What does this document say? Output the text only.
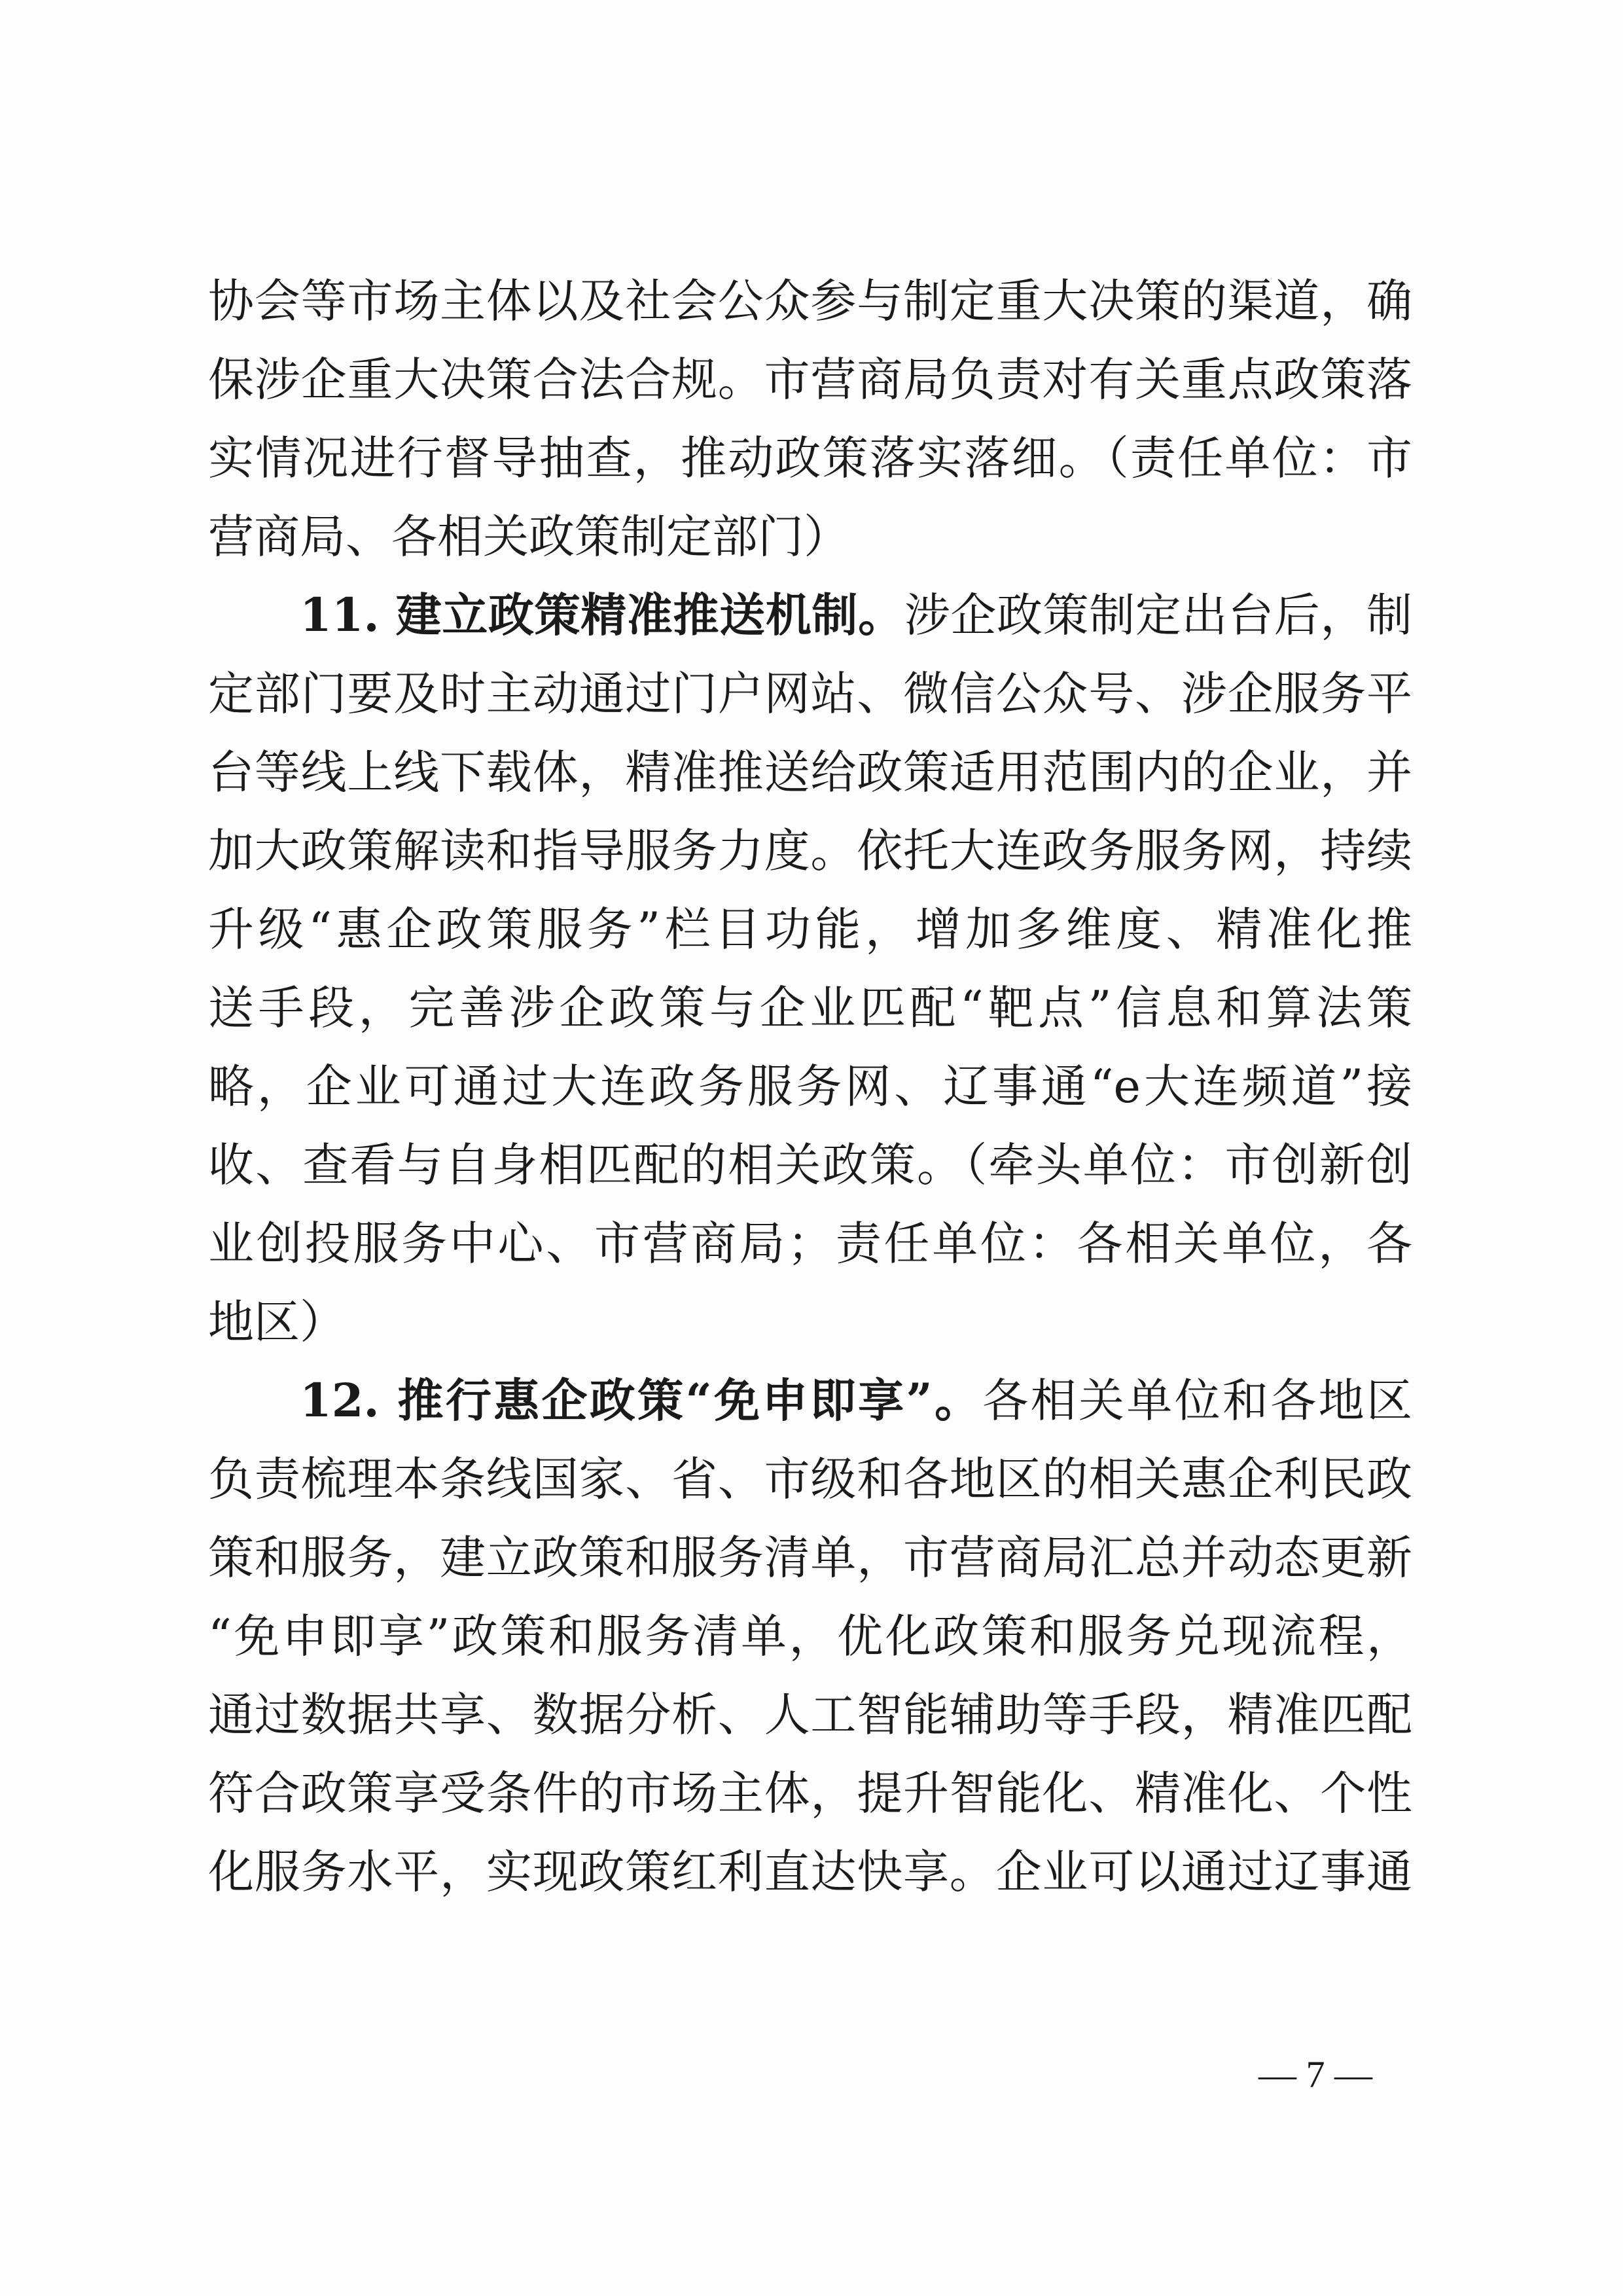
协会等市场主体以及社会公众参与制定重大决策的渠道，确
保涉企重大决策合法合规。市营商局负责对有关重点政策落
实情况进行督导抽查，推动政策落实落细。（责任单位：市
营商局、各相关政策制定部门）
11. 建立政策精准推送机制。涉企政策制定出台后，制
定部门要及时主动通过门户网站、微信公众号、涉企服务平
台等线上线下载体，精准推送给政策适用范围内的企业，并
加大政策解读和指导服务力度。依托大连政务服务网，持续
升级“惠企政策服务”栏目功能，增加多维度、精准化推
送手段，完善涉企政策与企业匹配“靶点”信息和算法策
略，企业可通过大连政务服务网、辽事通“e大连频道”接
收、查看与自身相匹配的相关政策。（牵头单位：市创新创
业创投服务中心、市营商局；责任单位：各相关单位，各
地区）
12. 推行惠企政策“免申即享”。各相关单位和各地区
负责梳理本条线国家、省、市级和各地区的相关惠企利民政
策和服务，建立政策和服务清单，市营商局汇总并动态更新
“免申即享”政策和服务清单，优化政策和服务兑现流程，
通过数据共享、数据分析、人工智能辅助等手段，精准匹配
符合政策享受条件的市场主体，提升智能化、精准化、个性
化服务水平，实现政策红利直达快享。企业可以通过辽事通
— 7 —
